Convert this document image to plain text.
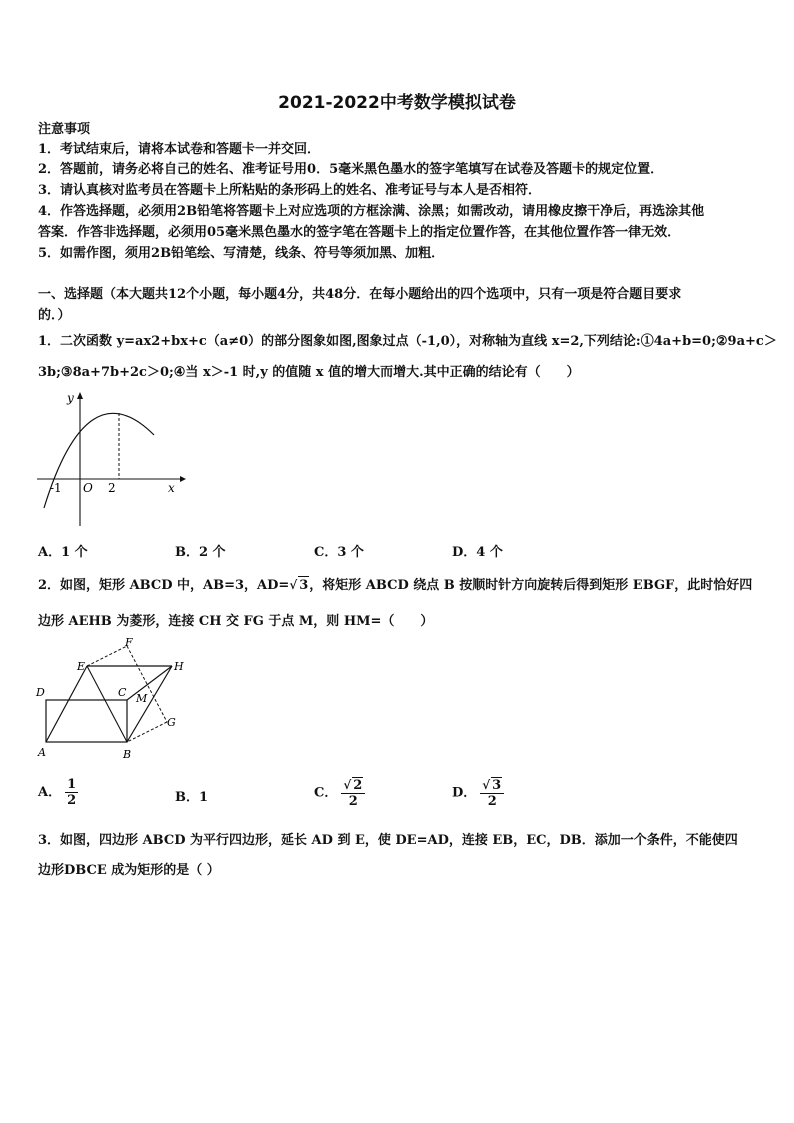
2021-2022中考数学模拟试卷
注意事项
1．考试结束后，请将本试卷和答题卡一并交回．
2．答题前，请务必将自己的姓名、准考证号用0．5毫米黑色墨水的签字笔填写在试卷及答题卡的规定位置．
3．请认真核对监考员在答题卡上所粘贴的条形码上的姓名、准考证号与本人是否相符．
4．作答选择题，必须用2B铅笔将答题卡上对应选项的方框涂满、涂黑；如需改动，请用橡皮擦干净后，再选涂其他
答案．作答非选择题，必须用05毫米黑色墨水的签字笔在答题卡上的指定位置作答，在其他位置作答一律无效．
5．如需作图，须用2B铅笔绘、写清楚，线条、符号等须加黑、加粗．
一、选择题（本大题共12个小题，每小题4分，共48分．在每小题给出的四个选项中，只有一项是符合题目要求
的．）
1．二次函数 y=ax2+bx+c（a≠0）的部分图象如图,图象过点（-1,0），对称轴为直线 x=2,下列结论:①4a+b=0;②9a+c＞
3b;③8a+7b+2c＞0;④当 x＞-1 时,y 的值随 x 值的增大而增大.其中正确的结论有（　　）
y
x
-1 O 2
A．1 个	B．2 个	C．3 个	D．4 个
2．如图，矩形 ABCD 中，AB=3，AD=√ 3，将矩形 ABCD 绕点 B 按顺时针方向旋转后得到矩形 EBGF，此时恰好四
边形 AEHB 为菱形，连接 CH 交 FG 于点 M，则 HM=（　　）
F
E	H
D	C M
G
A	B
A． $\frac{1}{2}$	B．1	C． $\frac{√ 2}{2}$	D． $\frac{√ 3}{2}$
3．如图，四边形 ABCD 为平行四边形，延长 AD 到 E，使 DE=AD，连接 EB，EC，DB．添加一个条件，不能使四
边形DBCE 成为矩形的是（ ）
